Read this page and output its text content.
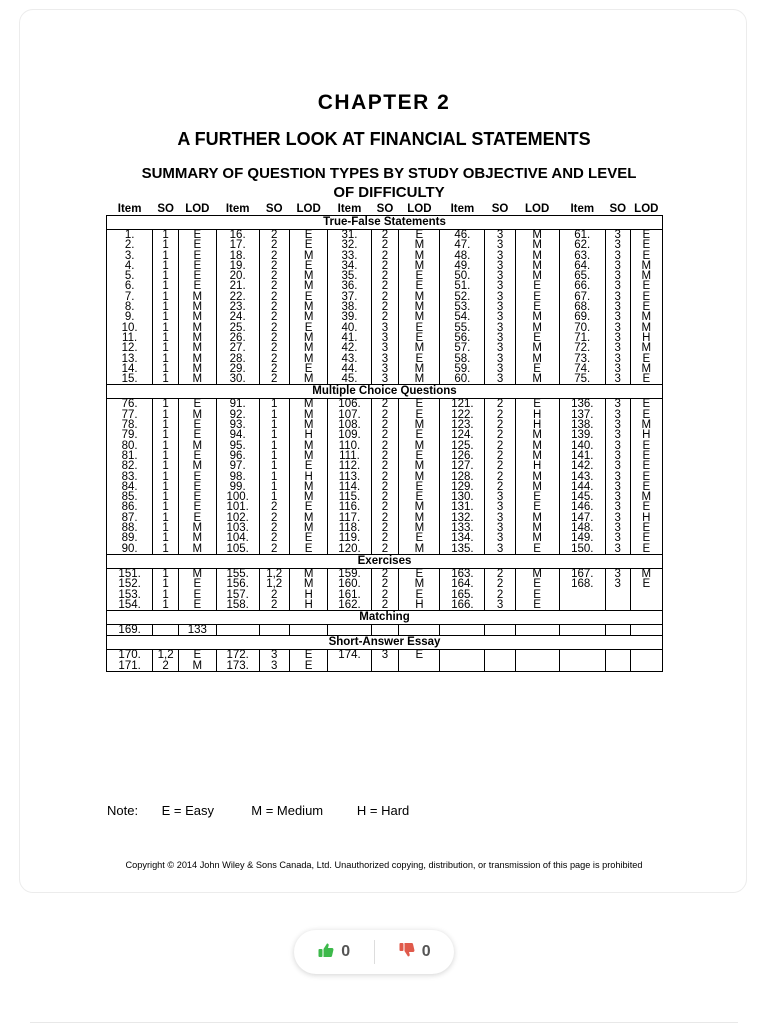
CHAPTER 2
A FURTHER LOOK AT FINANCIAL STATEMENTS
SUMMARY OF QUESTION TYPES BY STUDY OBJECTIVE AND LEVEL
OF DIFFICULTY
Item	SO	LOD	Item	SO	LOD	Item	SO	LOD	Item	SO	LOD	Item	SO	LOD
True-False Statements														
1.	1	E	16.	2	E	31.	2	E	46.	3	M	61.	3	E
2.	1	E	17.	2	E	32.	2	M	47.	3	M	62.	3	E
3.	1	E	18.	2	M	33.	2	M	48.	3	M	63.	3	E
4.	1	E	19.	2	E	34.	2	M	49.	3	M	64.	3	M
5.	1	E	20.	2	M	35.	2	E	50.	3	M	65.	3	M
6.	1	E	21.	2	M	36.	2	E	51.	3	E	66.	3	E
7.	1	M	22.	2	E	37.	2	M	52.	3	E	67.	3	E
8.	1	M	23.	2	M	38.	2	M	53.	3	E	68.	3	E
9.	1	M	24.	2	M	39.	2	M	54.	3	M	69.	3	M
10.	1	M	25.	2	E	40.	3	E	55.	3	M	70.	3	M
11.	1	M	26.	2	M	41.	3	E	56.	3	E	71.	3	H
12.	1	M	27.	2	M	42.	3	M	57.	3	M	72.	3	M
13.	1	M	28.	2	M	43.	3	E	58.	3	M	73.	3	E
14.	1	M	29.	2	E	44.	3	M	59.	3	E	74.	3	M
15.	1	M	30.	2	M	45.	3	M	60.	3	M	75.	3	E
Multiple Choice Questions														
76.	1	E	91.	1	M	106.	2	E	121.	2	E	136.	3	E
77.	1	M	92.	1	M	107.	2	E	122.	2	H	137.	3	E
78.	1	E	93.	1	M	108.	2	M	123.	2	H	138.	3	M
79.	1	E	94.	1	H	109.	2	E	124.	2	M	139.	3	H
80.	1	M	95.	1	M	110.	2	M	125.	2	M	140.	3	E
81.	1	E	96.	1	M	111.	2	E	126.	2	M	141.	3	E
82.	1	M	97.	1	E	112.	2	M	127.	2	H	142.	3	E
83.	1	E	98.	1	H	113.	2	M	128.	2	M	143.	3	E
84.	1	E	99.	1	M	114.	2	E	129.	2	M	144.	3	E
85.	1	E	100.	1	M	115.	2	E	130.	3	E	145.	3	M
86.	1	E	101.	2	E	116.	2	M	131.	3	E	146.	3	E
87.	1	E	102.	2	M	117.	2	M	132.	3	M	147.	3	H
88.	1	M	103.	2	M	118.	2	M	133.	3	M	148.	3	E
89.	1	M	104.	2	E	119.	2	E	134.	3	M	149.	3	E
90.	1	M	105.	2	E	120.	2	M	135.	3	E	150.	3	E
Exercises														
151.	1	M	155.	1,2	M	159.	2	E	163.	2	M	167.	3	M
152.	1	E	156.	1,2	M	160.	2	M	164.	2	E	168.	3	E
153.	1	E	157.	2	H	161.	2	E	165.	2	E			
154.	1	E	158.	2	H	162.	2	H	166.	3	E			
Matching														
169.		133												
Short-Answer Essay														
170.	1,2	E	172.	3	E	174.	3	E						
171.	2	M	173.	3	E									
Note: E = Easy	M = Medium	H = Hard
Copyright © 2014 John Wiley & Sons Canada, Ltd. Unauthorized copying, distribution, or transmission of this page is prohibited
0	0
